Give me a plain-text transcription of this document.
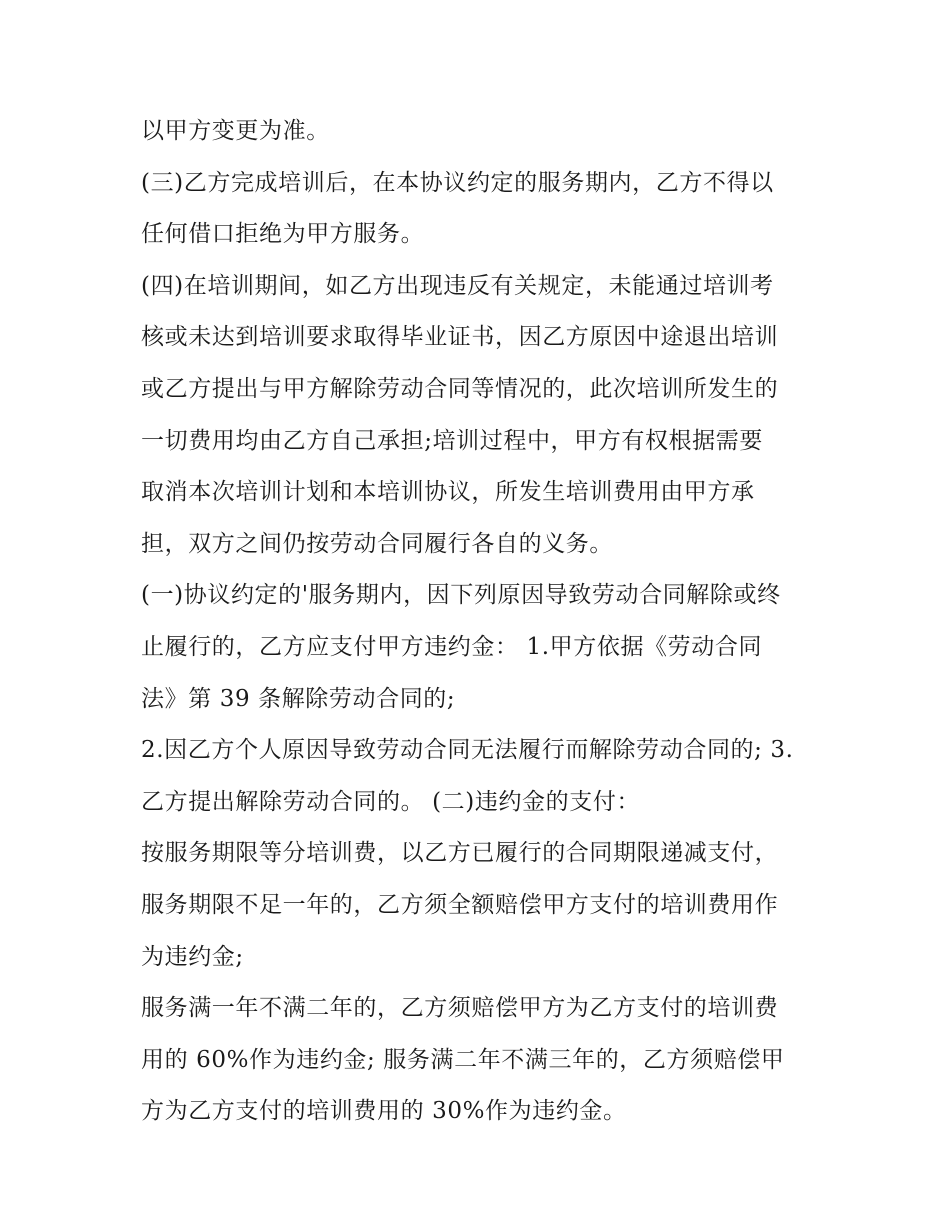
以甲方变更为准。
(三)乙方完成培训后，在本协议约定的服务期内，乙方不得以
任何借口拒绝为甲方服务。
(四)在培训期间，如乙方出现违反有关规定，未能通过培训考
核或未达到培训要求取得毕业证书，因乙方原因中途退出培训
或乙方提出与甲方解除劳动合同等情况的，此次培训所发生的
一切费用均由乙方自己承担;培训过程中，甲方有权根据需要
取消本次培训计划和本培训协议，所发生培训费用由甲方承
担，双方之间仍按劳动合同履行各自的义务。
(一)协议约定的'服务期内，因下列原因导致劳动合同解除或终
止履行的，乙方应支付甲方违约金： 1.甲方依据《劳动合同
法》第 39 条解除劳动合同的;
2.因乙方个人原因导致劳动合同无法履行而解除劳动合同的; 3.
乙方提出解除劳动合同的。 (二)违约金的支付：
按服务期限等分培训费，以乙方已履行的合同期限递减支付，
服务期限不足一年的，乙方须全额赔偿甲方支付的培训费用作
为违约金;
服务满一年不满二年的，乙方须赔偿甲方为乙方支付的培训费
用的 60%作为违约金; 服务满二年不满三年的，乙方须赔偿甲
方为乙方支付的培训费用的 30%作为违约金。
